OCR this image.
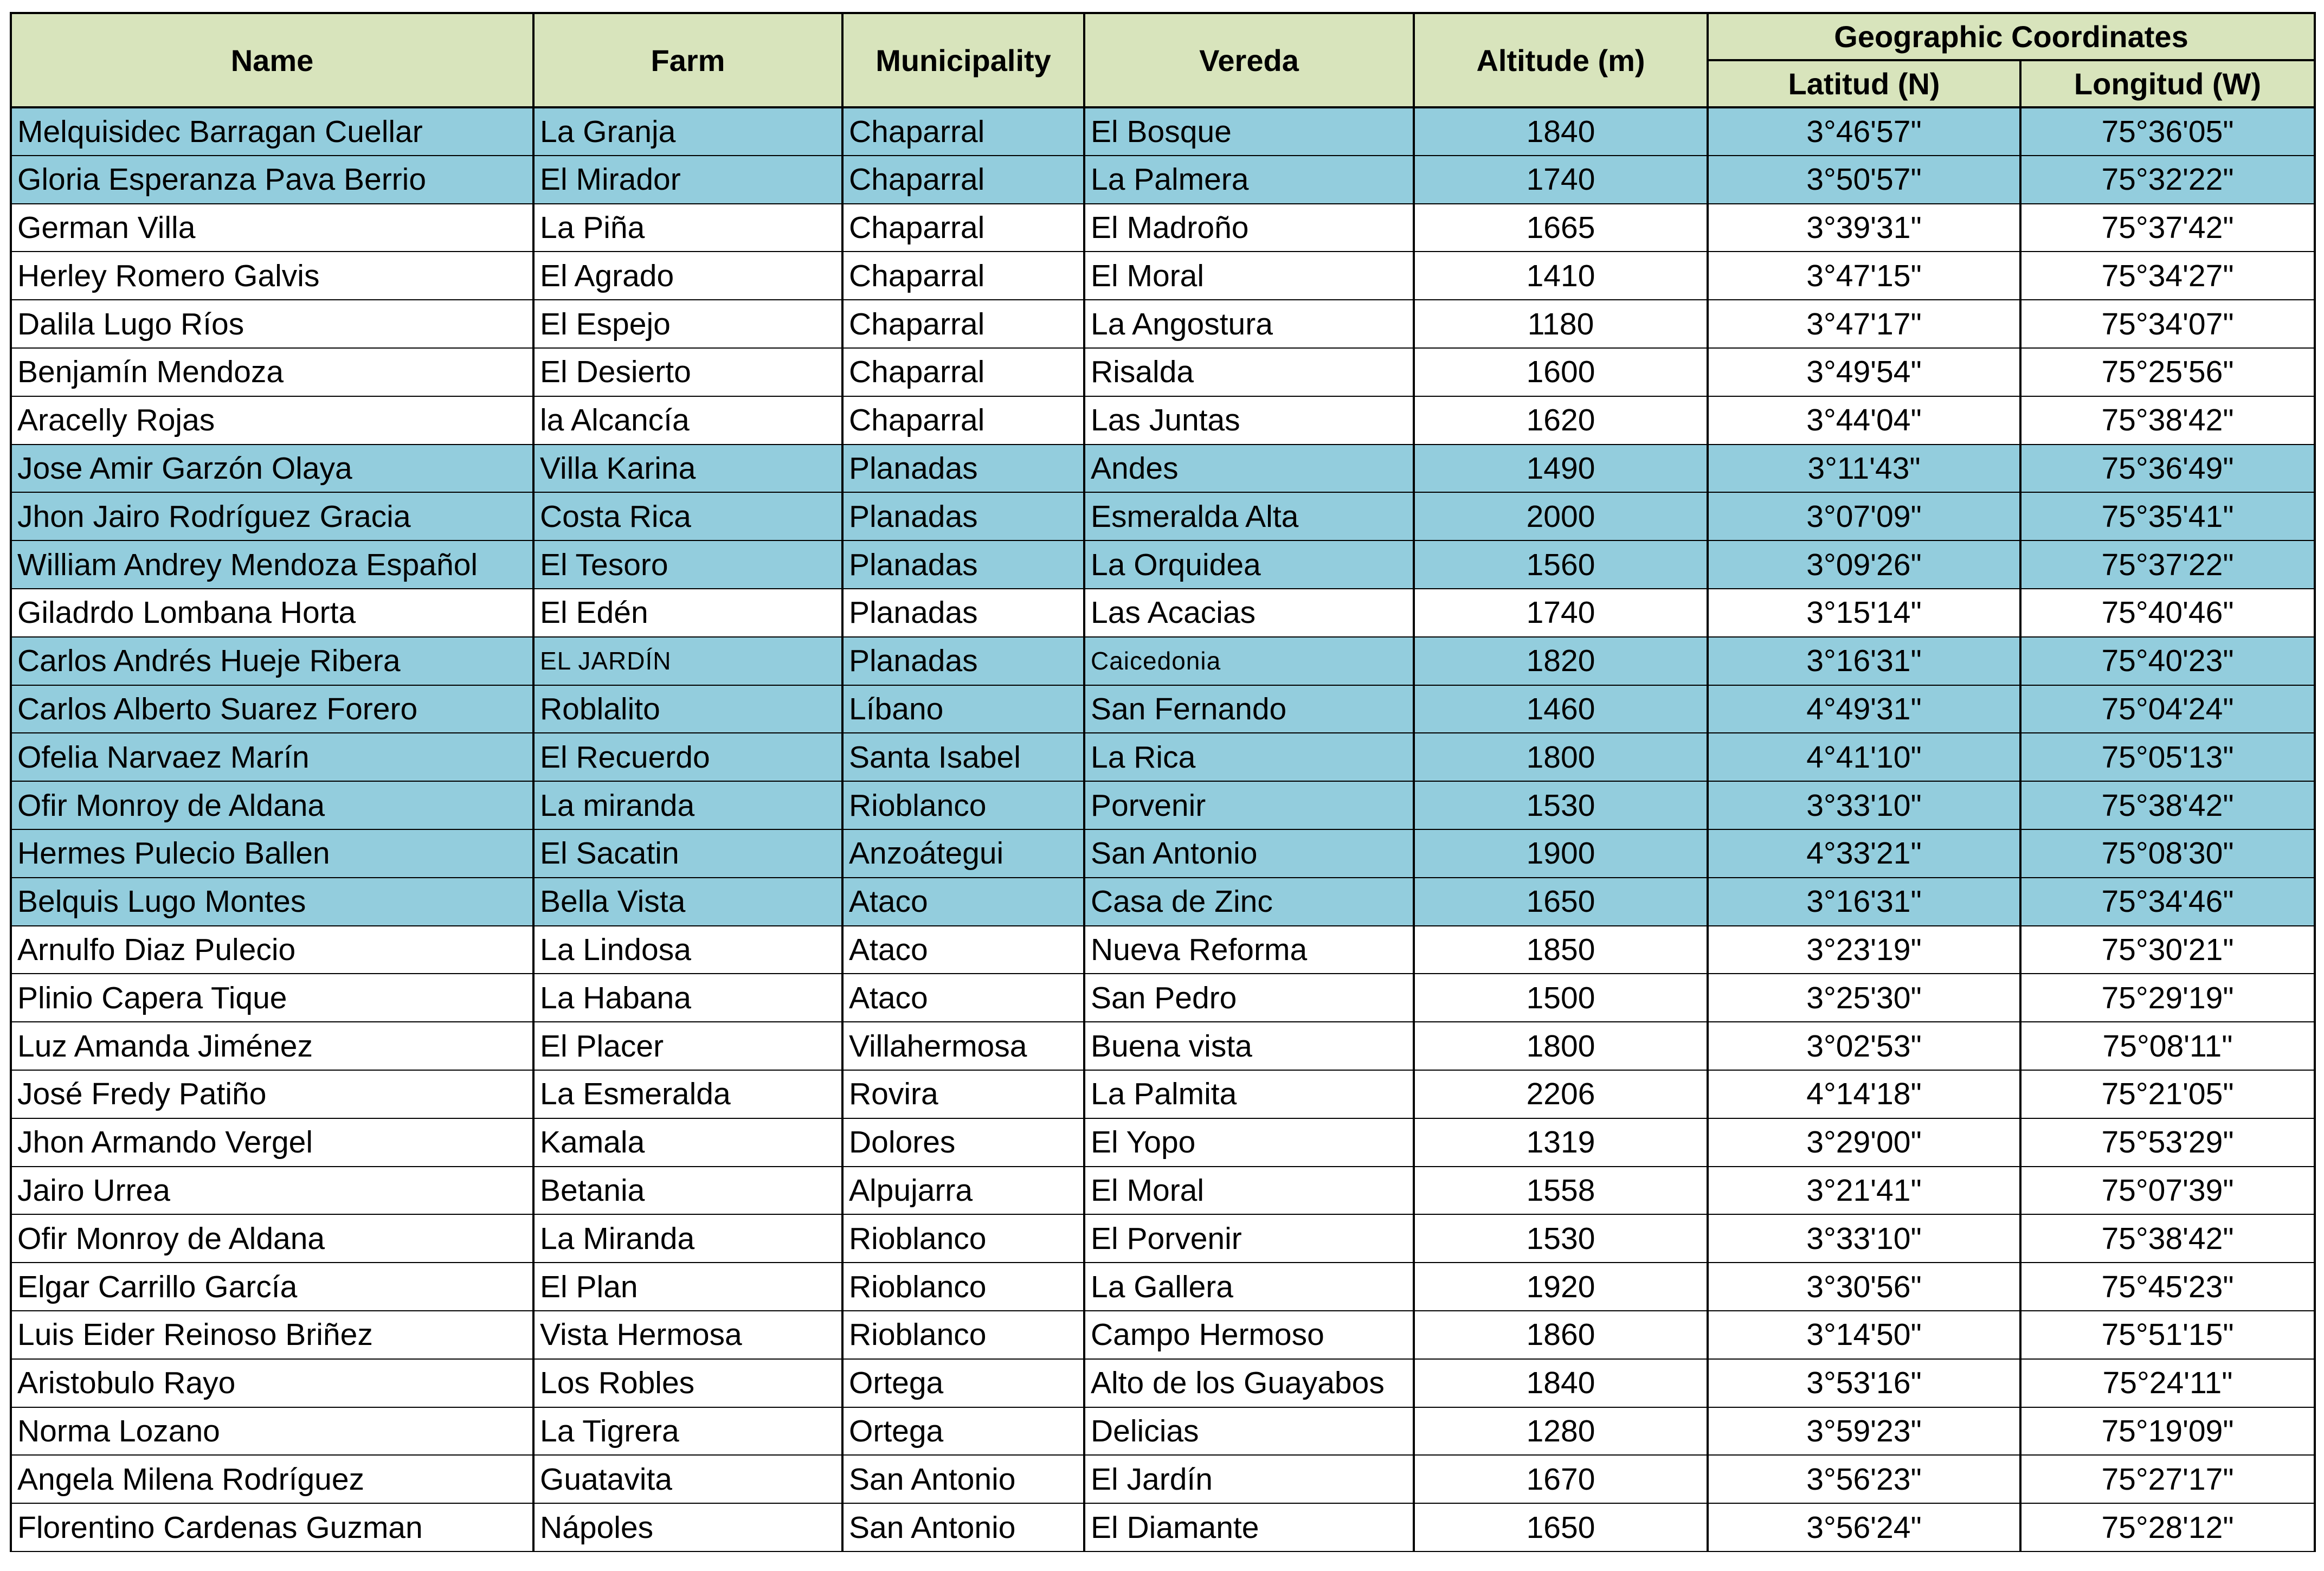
Name	Farm	Municipality	Vereda	Altitude (m)	Geographic Coordinates	
					Latitud (N)	Longitud (W)
Melquisidec Barragan Cuellar	La Granja	Chaparral	El Bosque	1840	3°46'57"	75°36'05"
Gloria Esperanza Pava Berrio	El Mirador	Chaparral	La Palmera	1740	3°50'57"	75°32'22"
German Villa	La Piña	Chaparral	El Madroño	1665	3°39'31"	75°37'42"
Herley Romero Galvis	El Agrado	Chaparral	El Moral	1410	3°47'15"	75°34'27"
Dalila Lugo Ríos	El Espejo	Chaparral	La Angostura	1180	3°47'17"	75°34'07"
Benjamín Mendoza	El Desierto	Chaparral	Risalda	1600	3°49'54"	75°25'56"
Aracelly Rojas	la Alcancía	Chaparral	Las Juntas	1620	3°44'04"	75°38'42"
Jose Amir Garzón Olaya	Villa Karina	Planadas	Andes	1490	3°11'43"	75°36'49"
Jhon Jairo Rodríguez Gracia	Costa Rica	Planadas	Esmeralda Alta	2000	3°07'09"	75°35'41"
William Andrey Mendoza Español	El Tesoro	Planadas	La Orquidea	1560	3°09'26"	75°37'22"
Giladrdo Lombana Horta	El Edén	Planadas	Las Acacias	1740	3°15'14"	75°40'46"
Carlos Andrés Hueje Ribera	EL JARDÍN	Planadas	Caicedonia	1820	3°16'31"	75°40'23"
Carlos Alberto Suarez Forero	Roblalito	Líbano	San Fernando	1460	4°49'31"	75°04'24"
Ofelia Narvaez Marín	El Recuerdo	Santa Isabel	La Rica	1800	4°41'10"	75°05'13"
Ofir Monroy de Aldana	La miranda	Rioblanco	Porvenir	1530	3°33'10"	75°38'42"
Hermes Pulecio Ballen	El Sacatin	Anzoátegui	San Antonio	1900	4°33'21"	75°08'30"
Belquis Lugo Montes	Bella Vista	Ataco	Casa de Zinc	1650	3°16'31"	75°34'46"
Arnulfo Diaz Pulecio	La Lindosa	Ataco	Nueva Reforma	1850	3°23'19"	75°30'21"
Plinio Capera Tique	La Habana	Ataco	San Pedro	1500	3°25'30"	75°29'19"
Luz Amanda Jiménez	El Placer	Villahermosa	Buena vista	1800	3°02'53"	75°08'11"
José Fredy Patiño	La Esmeralda	Rovira	La Palmita	2206	4°14'18"	75°21'05"
Jhon Armando Vergel	Kamala	Dolores	El Yopo	1319	3°29'00"	75°53'29"
Jairo Urrea	Betania	Alpujarra	El Moral	1558	3°21'41"	75°07'39"
Ofir Monroy de Aldana	La Miranda	Rioblanco	El Porvenir	1530	3°33'10"	75°38'42"
Elgar Carrillo García	El Plan	Rioblanco	La Gallera	1920	3°30'56"	75°45'23"
Luis Eider Reinoso Briñez	Vista Hermosa	Rioblanco	Campo Hermoso	1860	3°14'50"	75°51'15"
Aristobulo Rayo	Los Robles	Ortega	Alto de los Guayabos	1840	3°53'16"	75°24'11"
Norma Lozano	La Tigrera	Ortega	Delicias	1280	3°59'23"	75°19'09"
Angela Milena Rodríguez	Guatavita	San Antonio	El Jardín	1670	3°56'23"	75°27'17"
Florentino Cardenas Guzman	Nápoles	San Antonio	El Diamante	1650	3°56'24"	75°28'12"
